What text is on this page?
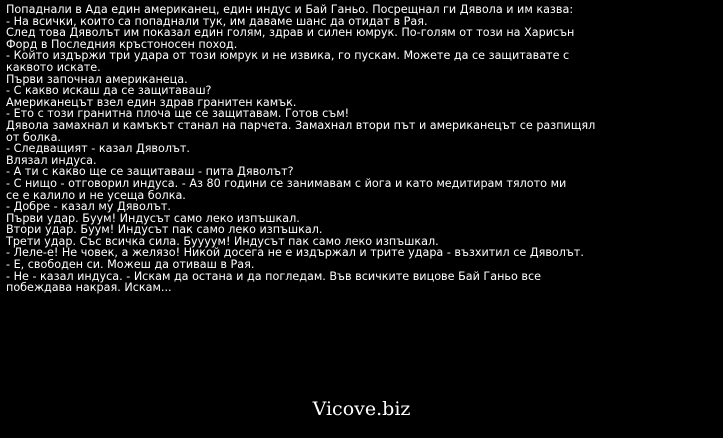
Попаднали в Ада един американец, един индус и Бай Ганьо. Посрещнал ги Дявола и им казва:
- На всички, които са попаднали тук, им даваме шанс да отидат в Рая.
След това Дяволът им показал един голям, здрав и силен юмрук. По-голям от този на Харисън
Форд в Последния кръстоносен поход.
- Който издържи три удара от този юмрук и не извика, го пускам. Можете да се защитавате с
каквото искате.
Първи започнал американеца.
- С какво искаш да се защитаваш?
Американецът взел един здрав гранитен камък.
- Ето с този гранитна плоча ще се защитавам. Готов съм!
Дявола замахнал и камъкът станал на парчета. Замахнал втори път и американецът се разпищял
от болка.
- Следващият - казал Дяволът.
Влязал индуса.
- А ти с какво ще се защитаваш - пита Дяволът?
- С нищо - отговорил индуса. - Аз 80 години се занимавам с йога и като медитирам тялото ми
се е калило и не усеща болка.
- Добре - казал му Дяволът.
Първи удар. Буум! Индусът само леко изпъшкал.
Втори удар. Буум! Индусът пак само леко изпъшкал.
Трети удар. Със всичка сила. Буууум! Индусът пак само леко изпъшкал.
- Леле-е! Не човек, а желязо! Никой досега не е издържал и трите удара - възхитил се Дяволът.
- Е, свободен си. Можеш да отиваш в Рая.
- Не - казал индуса. - Искам да остана и да погледам. Във всичките вицове Бай Ганьо все
побеждава накрая. Искам...
Vicove.biz
